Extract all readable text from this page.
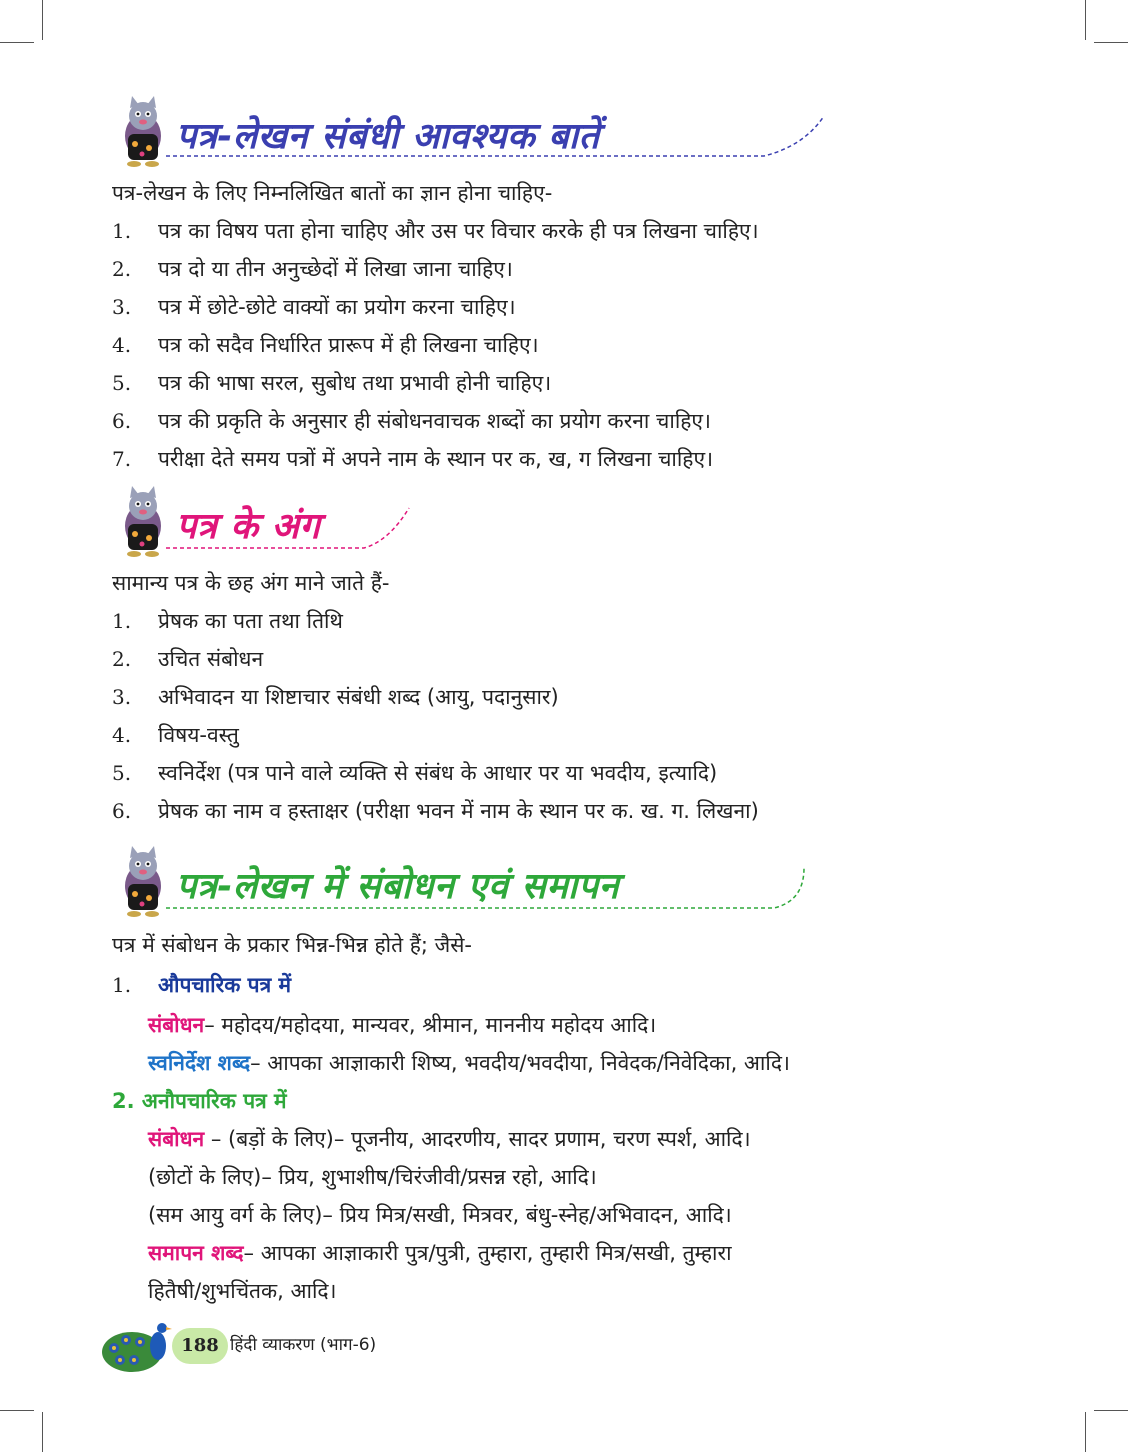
पत्र-लेखन संबंधी आवश्यक बातें
पत्र-लेखन के लिए निम्नलिखित बातों का ज्ञान होना चाहिए-
1. पत्र का विषय पता होना चाहिए और उस पर विचार करके ही पत्र लिखना चाहिए।
2. पत्र दो या तीन अनुच्छेदों में लिखा जाना चाहिए।
3. पत्र में छोटे-छोटे वाक्यों का प्रयोग करना चाहिए।
4. पत्र को सदैव निर्धारित प्रारूप में ही लिखना चाहिए।
5. पत्र की भाषा सरल, सुबोध तथा प्रभावी होनी चाहिए।
6. पत्र की प्रकृति के अनुसार ही संबोधनवाचक शब्दों का प्रयोग करना चाहिए।
7. परीक्षा देते समय पत्रों में अपने नाम के स्थान पर क, ख, ग लिखना चाहिए।
पत्र के अंग
सामान्य पत्र के छह अंग माने जाते हैं-
1. प्रेषक का पता तथा तिथि
2. उचित संबोधन
3. अभिवादन या शिष्टाचार संबंधी शब्द (आयु, पदानुसार)
4. विषय-वस्तु
5. स्वनिर्देश (पत्र पाने वाले व्यक्ति से संबंध के आधार पर या भवदीय, इत्यादि)
6. प्रेषक का नाम व हस्ताक्षर (परीक्षा भवन में नाम के स्थान पर क. ख. ग. लिखना)
पत्र-लेखन में संबोधन एवं समापन
पत्र में संबोधन के प्रकार भिन्न-भिन्न होते हैं; जैसे-
1. औपचारिक पत्र में
संबोधन– महोदय/महोदया, मान्यवर, श्रीमान, माननीय महोदय आदि।
स्वनिर्देश शब्द– आपका आज्ञाकारी शिष्य, भवदीय/भवदीया, निवेदक/निवेदिका, आदि।
2. अनौपचारिक पत्र में
संबोधन – (बड़ों के लिए)– पूजनीय, आदरणीय, सादर प्रणाम, चरण स्पर्श, आदि।
(छोटों के लिए)– प्रिय, शुभाशीष/चिरंजीवी/प्रसन्न रहो, आदि।
(सम आयु वर्ग के लिए)– प्रिय मित्र/सखी, मित्रवर, बंधु-स्नेह/अभिवादन, आदि।
समापन शब्द– आपका आज्ञाकारी पुत्र/पुत्री, तुम्हारा, तुम्हारी मित्र/सखी, तुम्हारा
हितैषी/शुभचिंतक, आदि।
188 हिंदी व्याकरण (भाग-6)
